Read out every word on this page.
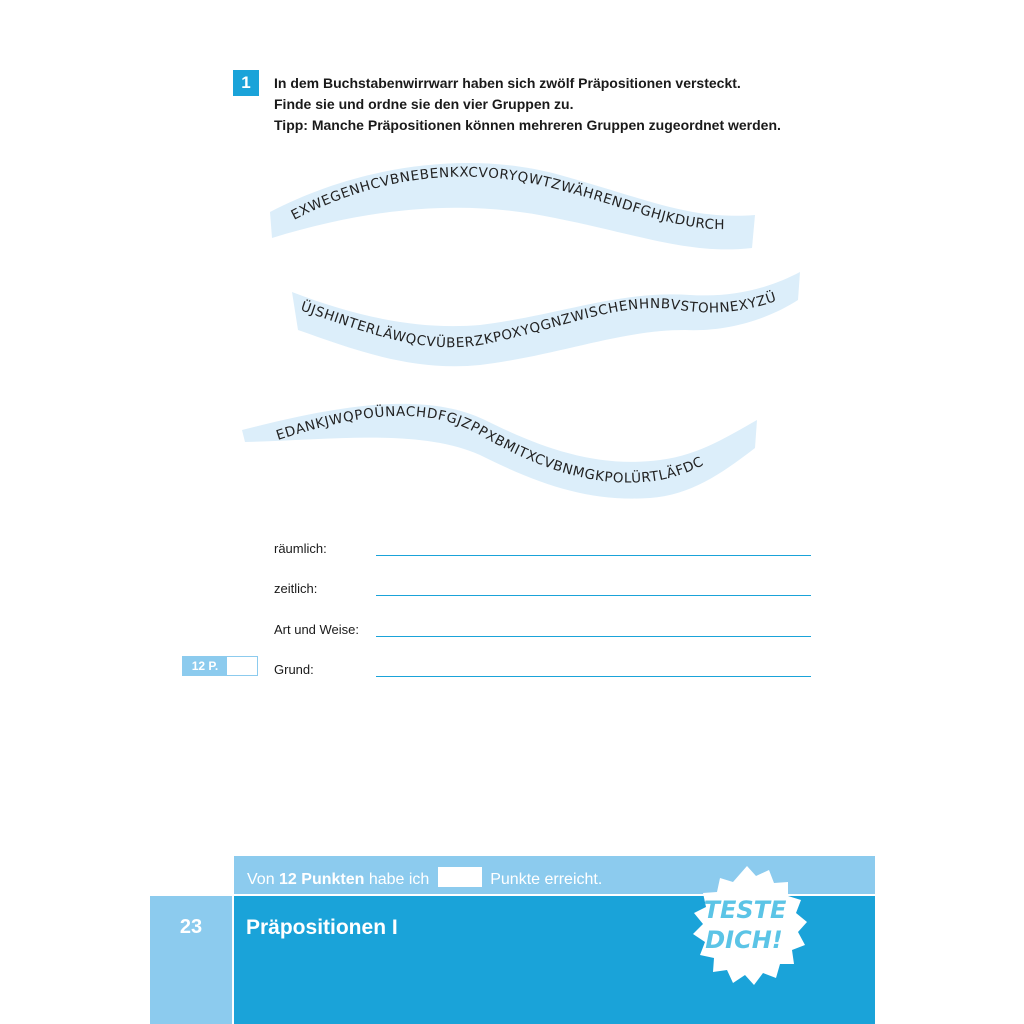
1	In dem Buchstabenwirrwarr haben sich zwölf Präpositionen versteckt.
Finde sie und ordne sie den vier Gruppen zu.
Tipp: Manche Präpositionen können mehreren Gruppen zugeordnet werden.
EXWEGENHCVBNEBENKXCVORYQWTZWÄHRENDFGHJKDURCH
ÜJSHINTERLÄWQCVÜBERZKPOXYQGNZWISCHENHNBVSTOHNEXYZÜ
EDANKJWQPOÜNACHDFGJZPPXBMITXCVBNMGKPOLÜRTLÄFDC
räumlich:
zeitlich:
Art und Weise:
Grund:
12 P.
Von 12 Punkten habe ich	Punkte erreicht.
23	Präpositionen I
TESTE
DICH!
